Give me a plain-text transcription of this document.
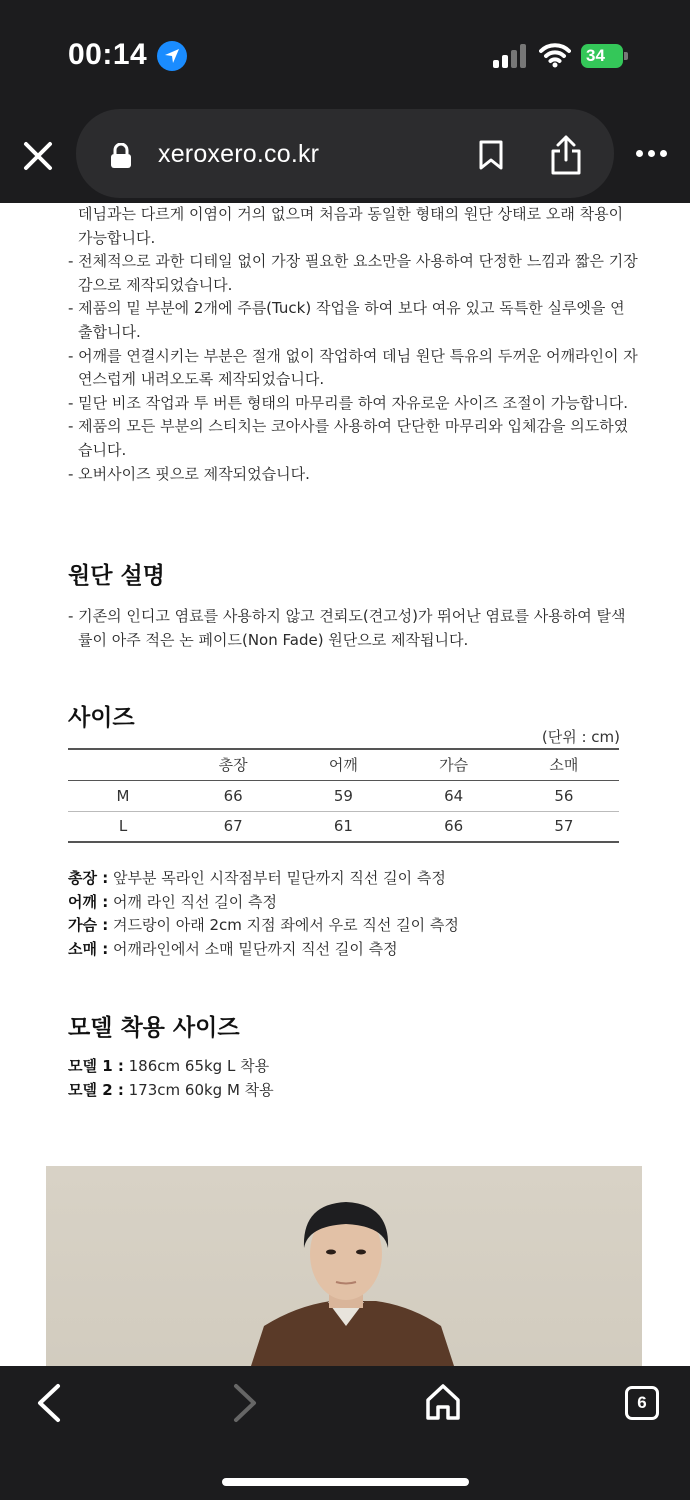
00:14	34
xeroxero.co.kr
데님과는 다르게 이염이 거의 없으며 처음과 동일한 형태의 원단 상태로 오래 착용이 가능합니다.
- 전체적으로 과한 디테일 없이 가장 필요한 요소만을 사용하여 단정한 느낌과 짧은 기장감으로 제작되었습니다.
- 제품의 밑 부분에 2개에 주름(Tuck) 작업을 하여 보다 여유 있고 독특한 실루엣을 연출합니다.
- 어깨를 연결시키는 부분은 절개 없이 작업하여 데님 원단 특유의 두꺼운 어깨라인이 자연스럽게 내려오도록 제작되었습니다.
- 밑단 비조 작업과 투 버튼 형태의 마무리를 하여 자유로운 사이즈 조절이 가능합니다.
- 제품의 모든 부분의 스티치는 코아사를 사용하여 단단한 마무리와 입체감을 의도하였습니다.
- 오버사이즈 핏으로 제작되었습니다.
원단 설명
- 기존의 인디고 염료를 사용하지 않고 견뢰도(견고성)가 뛰어난 염료를 사용하여 탈색률이 아주 적은 논 페이드(Non Fade) 원단으로 제작됩니다.
사이즈
(단위 : cm)
	총장	어깨	가슴	소매
M	66	59	64	56
L	67	61	66	57
총장 : 앞부분 목라인 시작점부터 밑단까지 직선 길이 측정
어깨 : 어깨 라인 직선 길이 측정
가슴 : 겨드랑이 아래 2cm 지점 좌에서 우로 직선 길이 측정
소매 : 어깨라인에서 소매 밑단까지 직선 길이 측정
모델 착용 사이즈
모델 1 : 186cm 65kg L 착용
모델 2 : 173cm 60kg M 착용
6
